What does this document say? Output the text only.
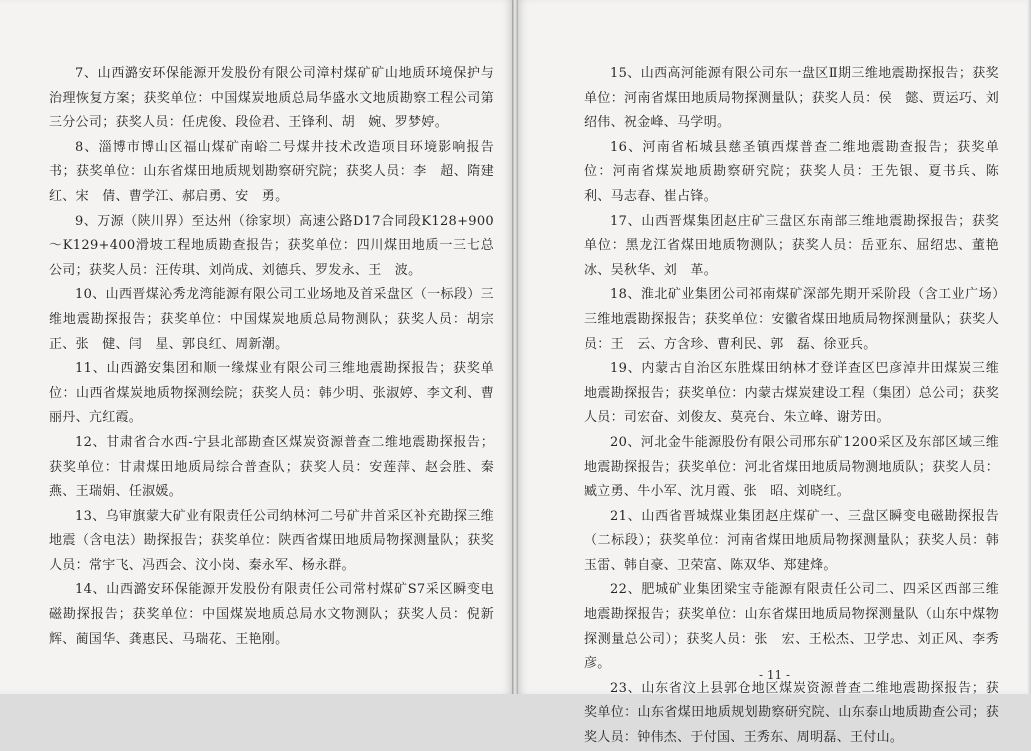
7、山西潞安环保能源开发股份有限公司漳村煤矿矿山地质环境保护与治理恢复方案；获奖单位：中国煤炭地质总局华盛水文地质勘察工程公司第三分公司；获奖人员：任虎俊、段俭君、王锋利、胡　婉、罗梦婷。

8、淄博市博山区福山煤矿南峪二号煤井技术改造项目环境影响报告书；获奖单位：山东省煤田地质规划勘察研究院；获奖人员：李　超、隋建红、宋　倩、曹学江、郝启勇、安　勇。

9、万源（陕川界）至达州（徐家坝）高速公路D17合同段K128+900～K129+400滑坡工程地质勘查报告；获奖单位：四川煤田地质一三七总公司；获奖人员：汪传琪、刘尚成、刘德兵、罗发永、王　波。

10、山西晋煤沁秀龙湾能源有限公司工业场地及首采盘区（一标段）三维地震勘探报告；获奖单位：中国煤炭地质总局物测队；获奖人员：胡宗正、张　健、闫　星、郭良红、周新潮。

11、山西潞安集团和顺一缘煤业有限公司三维地震勘探报告；获奖单位：山西省煤炭地质物探测绘院；获奖人员：韩少明、张淑婷、李文利、曹丽丹、亢红霞。

12、甘肃省合水西-宁县北部勘查区煤炭资源普查二维地震勘探报告；获奖单位：甘肃煤田地质局综合普查队；获奖人员：安莲萍、赵会胜、秦　燕、王瑞娟、任淑媛。

13、乌审旗蒙大矿业有限责任公司纳林河二号矿井首采区补充勘探三维地震（含电法）勘探报告；获奖单位：陕西省煤田地质局物探测量队；获奖人员：常宇飞、冯西会、汶小岗、秦永军、杨永群。

14、山西潞安环保能源开发股份有限责任公司常村煤矿S7采区瞬变电磁勘探报告；获奖单位：中国煤炭地质总局水文物测队；获奖人员：倪新辉、蔺国华、龚惠民、马瑞花、王艳刚。

15、山西高河能源有限公司东一盘区Ⅱ期三维地震勘探报告；获奖单位：河南省煤田地质局物探测量队；获奖人员：侯　懿、贾运巧、刘绍伟、祝金峰、马学明。

16、河南省柘城县慈圣镇西煤普查二维地震勘查报告；获奖单位：河南省煤炭地质勘察研究院；获奖人员：王先银、夏书兵、陈　利、马志春、崔占锋。

17、山西晋煤集团赵庄矿三盘区东南部三维地震勘探报告；获奖单位：黑龙江省煤田地质物测队；获奖人员：岳亚东、屈绍忠、董艳冰、吴秋华、刘　革。

18、淮北矿业集团公司祁南煤矿深部先期开采阶段（含工业广场）三维地震勘探报告；获奖单位：安徽省煤田地质局物探测量队；获奖人员：王　云、方含珍、曹利民、郭　磊、徐亚兵。

19、内蒙古自治区东胜煤田纳林才登详查区巴彦淖井田煤炭三维地震勘探报告；获奖单位：内蒙古煤炭建设工程（集团）总公司；获奖人员：司宏奋、刘俊友、莫亮台、朱立峰、谢芳田。

20、河北金牛能源股份有限公司邢东矿1200采区及东部区域三维地震勘探报告；获奖单位：河北省煤田地质局物测地质队；获奖人员：臧立勇、牛小军、沈月霞、张　昭、刘晓红。

21、山西省晋城煤业集团赵庄煤矿一、三盘区瞬变电磁勘探报告（二标段）；获奖单位：河南省煤田地质局物探测量队；获奖人员：韩玉雷、韩自豪、卫荣富、陈双华、郑建烽。

22、肥城矿业集团梁宝寺能源有限责任公司二、四采区西部三维地震勘探报告；获奖单位：山东省煤田地质局物探测量队（山东中煤物探测量总公司）；获奖人员：张　宏、王松杰、卫学忠、刘正风、李秀彦。

23、山东省汶上县郭仓地区煤炭资源普查二维地震勘探报告；获奖单位：山东省煤田地质规划勘察研究院、山东泰山地质勘查公司；获奖人员：钟伟杰、于付国、王秀东、周明磊、王付山。

- 11 -
